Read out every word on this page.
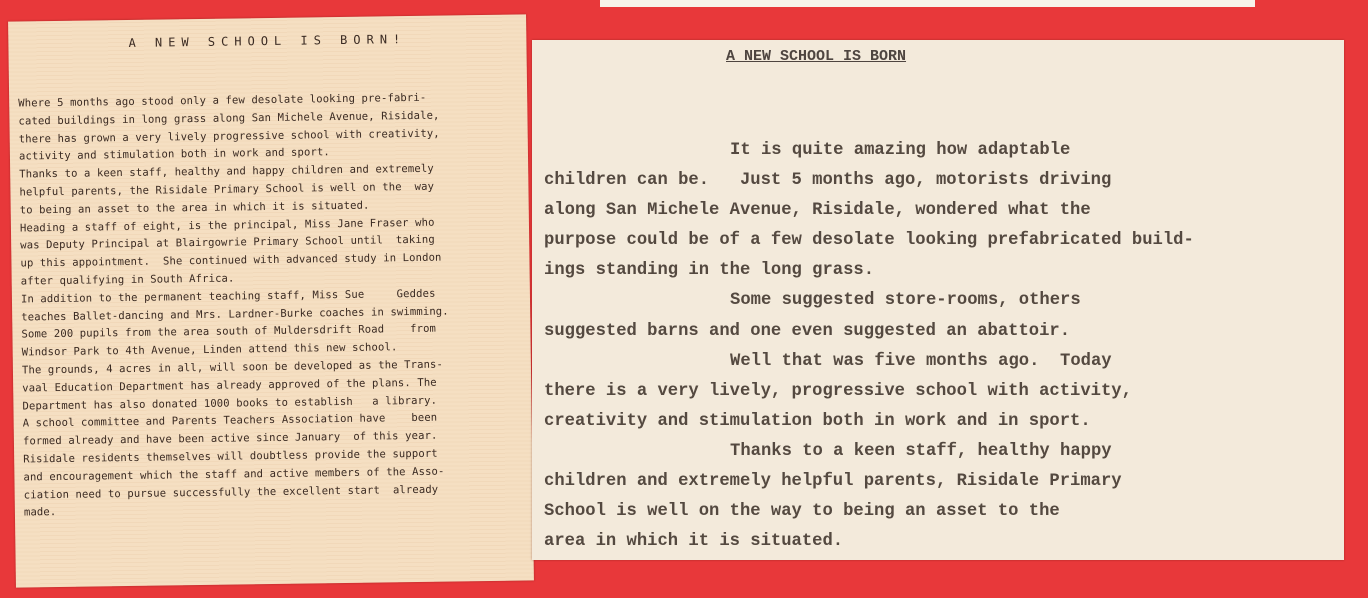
A NEW SCHOOL IS BORN!
Where 5 months ago stood only a few desolate looking pre-fabri-
cated buildings in long grass along San Michele Avenue, Risidale,
there has grown a very lively progressive school with creativity,
activity and stimulation both in work and sport.
Thanks to a keen staff, healthy and happy children and extremely
helpful parents, the Risidale Primary School is well on the  way
to being an asset to the area in which it is situated.
Heading a staff of eight, is the principal, Miss Jane Fraser who
was Deputy Principal at Blairgowrie Primary School until  taking
up this appointment.  She continued with advanced study in London
after qualifying in South Africa.
In addition to the permanent teaching staff, Miss Sue     Geddes
teaches Ballet-dancing and Mrs. Lardner-Burke coaches in swimming.
Some 200 pupils from the area south of Muldersdrift Road    from
Windsor Park to 4th Avenue, Linden attend this new school.
The grounds, 4 acres in all, will soon be developed as the Trans-
vaal Education Department has already approved of the plans. The
Department has also donated 1000 books to establish   a library.
A school committee and Parents Teachers Association have    been
formed already and have been active since January  of this year.
Risidale residents themselves will doubtless provide the support
and encouragement which the staff and active members of the Asso-
ciation need to pursue successfully the excellent start  already
made.
A NEW SCHOOL IS BORN
It is quite amazing how adaptable
children can be.   Just 5 months ago, motorists driving
along San Michele Avenue, Risidale, wondered what the
purpose could be of a few desolate looking prefabricated build-
ings standing in the long grass.
Some suggested store-rooms, others
suggested barns and one even suggested an abattoir.
Well that was five months ago.  Today
there is a very lively, progressive school with activity,
creativity and stimulation both in work and in sport.
Thanks to a keen staff, healthy happy
children and extremely helpful parents, Risidale Primary
School is well on the way to being an asset to the
area in which it is situated.
